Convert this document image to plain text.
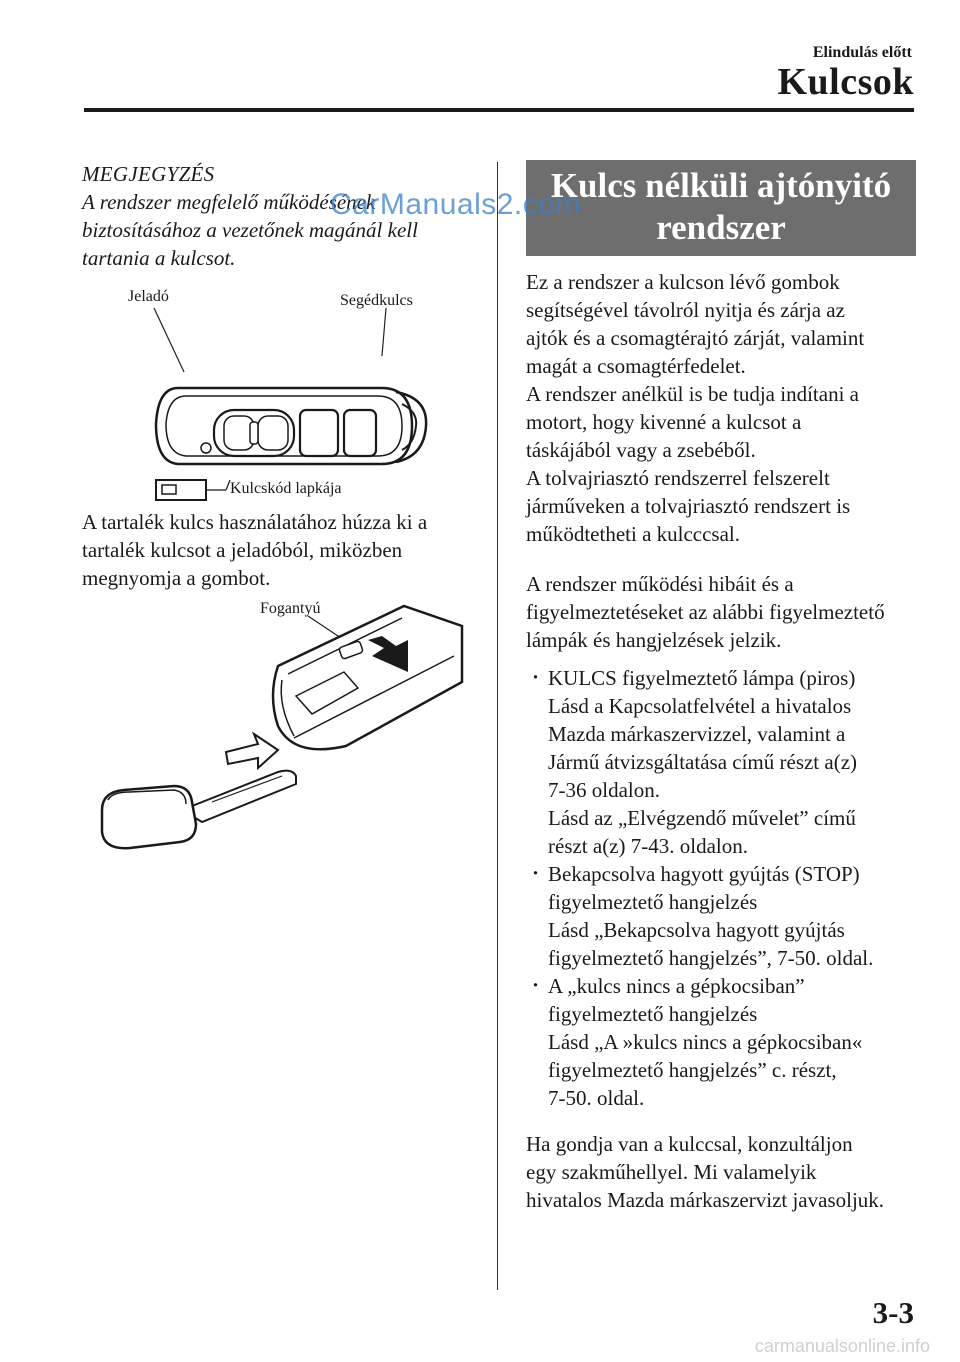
Elindulás előtt
Kulcsok
MEGJEGYZÉS
A rendszer megfelelő működésének
biztosításához a vezetőnek magánál kell
tartania a kulcsot.
Jeladó	Segédkulcs
Kulcskód lapkája
A tartalék kulcs használatához húzza ki a
tartalék kulcsot a jeladóból, miközben
megnyomja a gombot.
Fogantyú
Kulcs nélküli ajtónyitó
rendszer
Ez a rendszer a kulcson lévő gombok
segítségével távolról nyitja és zárja az
ajtók és a csomagtérajtó zárját, valamint
magát a csomagtérfedelet.
A rendszer anélkül is be tudja indítani a
motort, hogy kivenné a kulcsot a
táskájából vagy a zsebéből.
A tolvajriasztó rendszerrel felszerelt
járműveken a tolvajriasztó rendszert is
működtetheti a kulcccsal.
A rendszer működési hibáit és a
figyelmeztetéseket az alábbi figyelmeztető
lámpák és hangjelzések jelzik.
· KULCS figyelmeztető lámpa (piros)
Lásd a Kapcsolatfelvétel a hivatalos
Mazda márkaszervizzel, valamint a
Jármű átvizsgáltatása című részt a(z)
7-36 oldalon.
Lásd az „Elvégzendő művelet” című
részt a(z) 7-43. oldalon.
· Bekapcsolva hagyott gyújtás (STOP)
figyelmeztető hangjelzés
Lásd „Bekapcsolva hagyott gyújtás
figyelmeztető hangjelzés”, 7-50. oldal.
· A „kulcs nincs a gépkocsiban”
figyelmeztető hangjelzés
Lásd „A »kulcs nincs a gépkocsiban«
figyelmeztető hangjelzés” c. részt,
7-50. oldal.
Ha gondja van a kulccsal, konzultáljon
egy szakműhellyel. Mi valamelyik
hivatalos Mazda márkaszervizt javasoljuk.
3-3
CarManuals2.com
carmanualsonline.info
